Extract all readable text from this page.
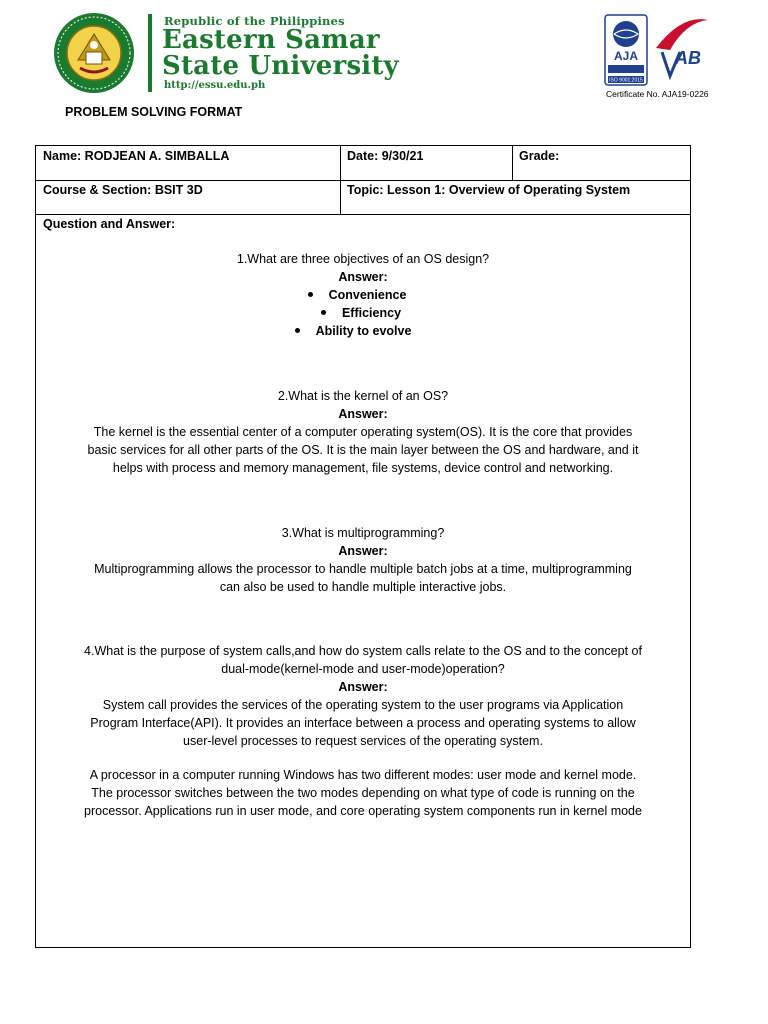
Republic of the Philippines
Eastern Samar
State University
http://essu.edu.ph
AJA
ISO 9001:2015
AB
Certificate No. AJA19-0226
PROBLEM SOLVING FORMAT
Name: RODJEAN A. SIMBALLA	Date: 9/30/21	Grade:
Course & Section: BSIT 3D	Topic: Lesson 1: Overview of Operating System
Question and Answer:
1.What are three objectives of an OS design?
Answer:
Convenience
Efficiency
Ability to evolve
2.What is the kernel of an OS?
Answer:
The kernel is the essential center of a computer operating system(OS). It is the core that provides
basic services for all other parts of the OS. It is the main layer between the OS and hardware, and it
helps with process and memory management, file systems, device control and networking.
3.What is multiprogramming?
Answer:
Multiprogramming allows the processor to handle multiple batch jobs at a time, multiprogramming
can also be used to handle multiple interactive jobs.
4.What is the purpose of system calls,and how do system calls relate to the OS and to the concept of
dual-mode(kernel-mode and user-mode)operation?
Answer:
System call provides the services of the operating system to the user programs via Application
Program Interface(API). It provides an interface between a process and operating systems to allow
user-level processes to request services of the operating system.
A processor in a computer running Windows has two different modes: user mode and kernel mode.
The processor switches between the two modes depending on what type of code is running on the
processor. Applications run in user mode, and core operating system components run in kernel mode
